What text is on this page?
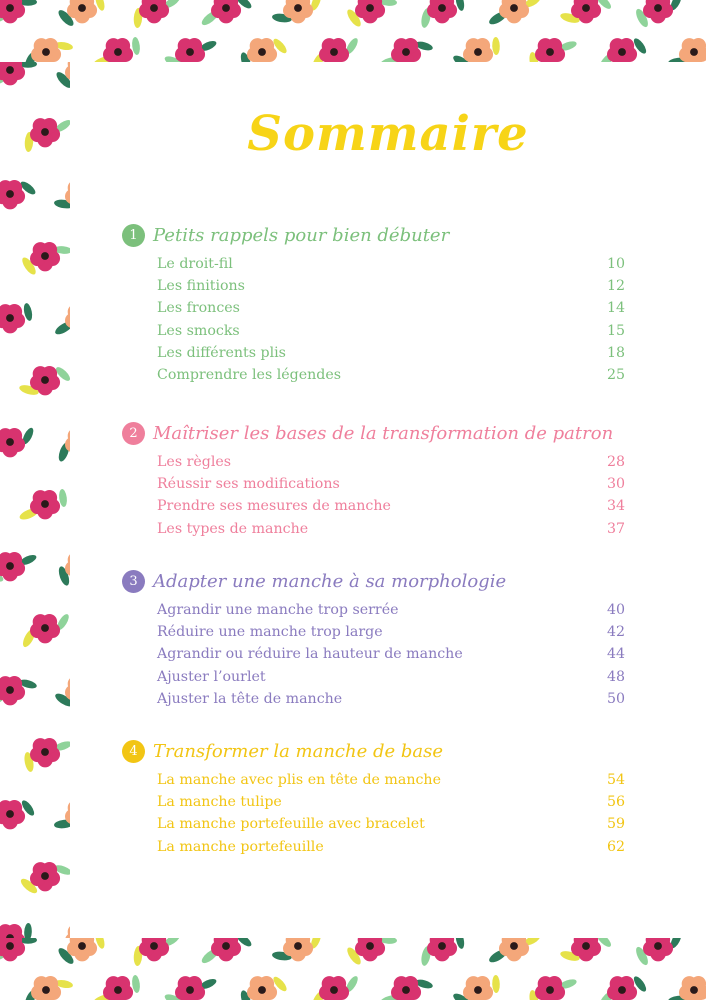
Sommaire
1 Petits rappels pour bien débuter
Le droit-fil	10
Les finitions	12
Les fronces	14
Les smocks	15
Les différents plis	18
Comprendre les légendes	25
2 Maîtriser les bases de la transformation de patron
Les règles	28
Réussir ses modifications	30
Prendre ses mesures de manche	34
Les types de manche	37
3 Adapter une manche à sa morphologie
Agrandir une manche trop serrée	40
Réduire une manche trop large	42
Agrandir ou réduire la hauteur de manche	44
Ajuster l’ourlet	48
Ajuster la tête de manche	50
4 Transformer la manche de base
La manche avec plis en tête de manche	54
La manche tulipe	56
La manche portefeuille avec bracelet	59
La manche portefeuille	62
